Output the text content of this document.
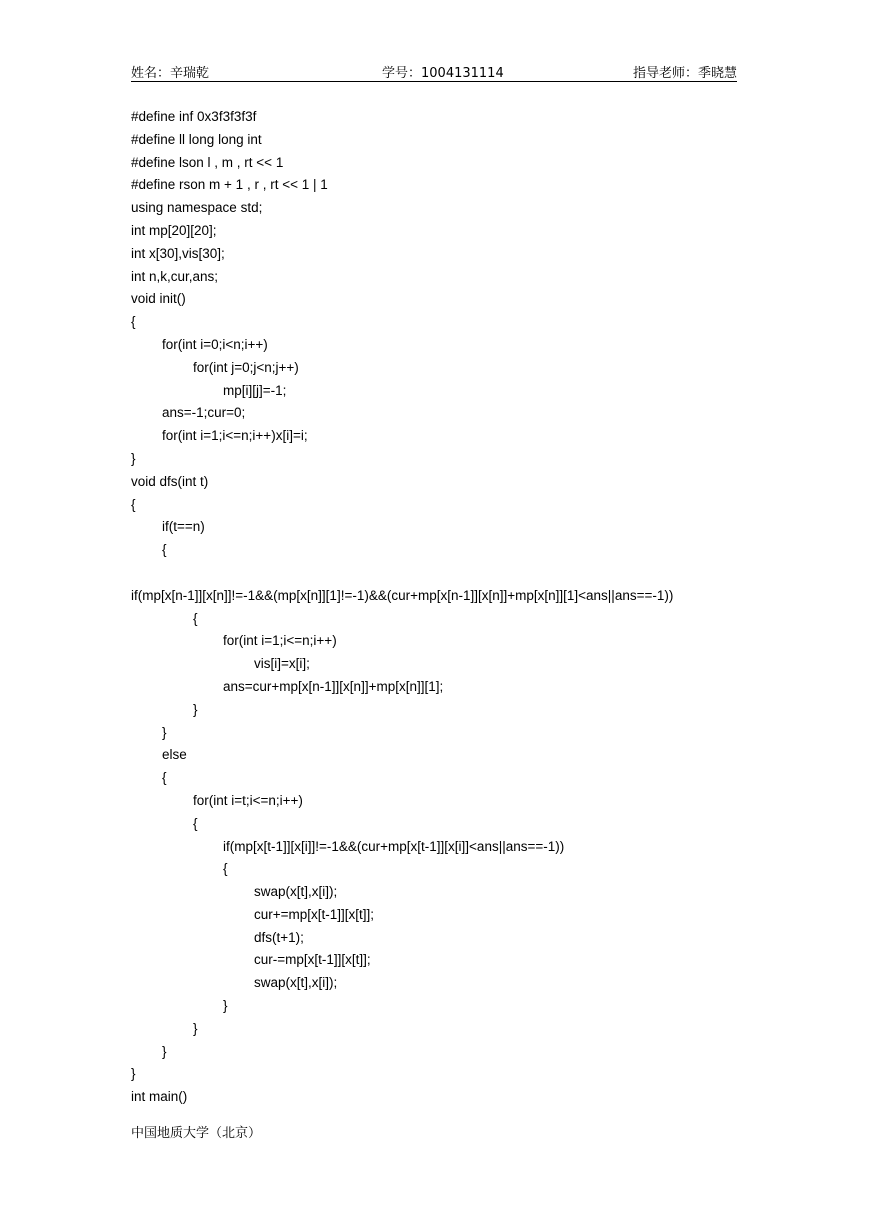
姓名：辛瑞乾	学号：1004131114	指导老师：季晓慧
#define inf 0x3f3f3f3f
#define ll long long int
#define lson l , m , rt << 1
#define rson m + 1 , r , rt << 1 | 1
using namespace std;
int mp[20][20];
int x[30],vis[30];
int n,k,cur,ans;
void init()
{
for(int i=0;i<n;i++)
for(int j=0;j<n;j++)
mp[i][j]=-1;
ans=-1;cur=0;
for(int i=1;i<=n;i++)x[i]=i;
}
void dfs(int t)
{
if(t==n)
{
if(mp[x[n-1]][x[n]]!=-1&&(mp[x[n]][1]!=-1)&&(cur+mp[x[n-1]][x[n]]+mp[x[n]][1]<ans||ans==-1))
{
for(int i=1;i<=n;i++)
vis[i]=x[i];
ans=cur+mp[x[n-1]][x[n]]+mp[x[n]][1];
}
}
else
{
for(int i=t;i<=n;i++)
{
if(mp[x[t-1]][x[i]]!=-1&&(cur+mp[x[t-1]][x[i]]<ans||ans==-1))
{
swap(x[t],x[i]);
cur+=mp[x[t-1]][x[t]];
dfs(t+1);
cur-=mp[x[t-1]][x[t]];
swap(x[t],x[i]);
}
}
}
}
int main()
中国地质大学（北京）
